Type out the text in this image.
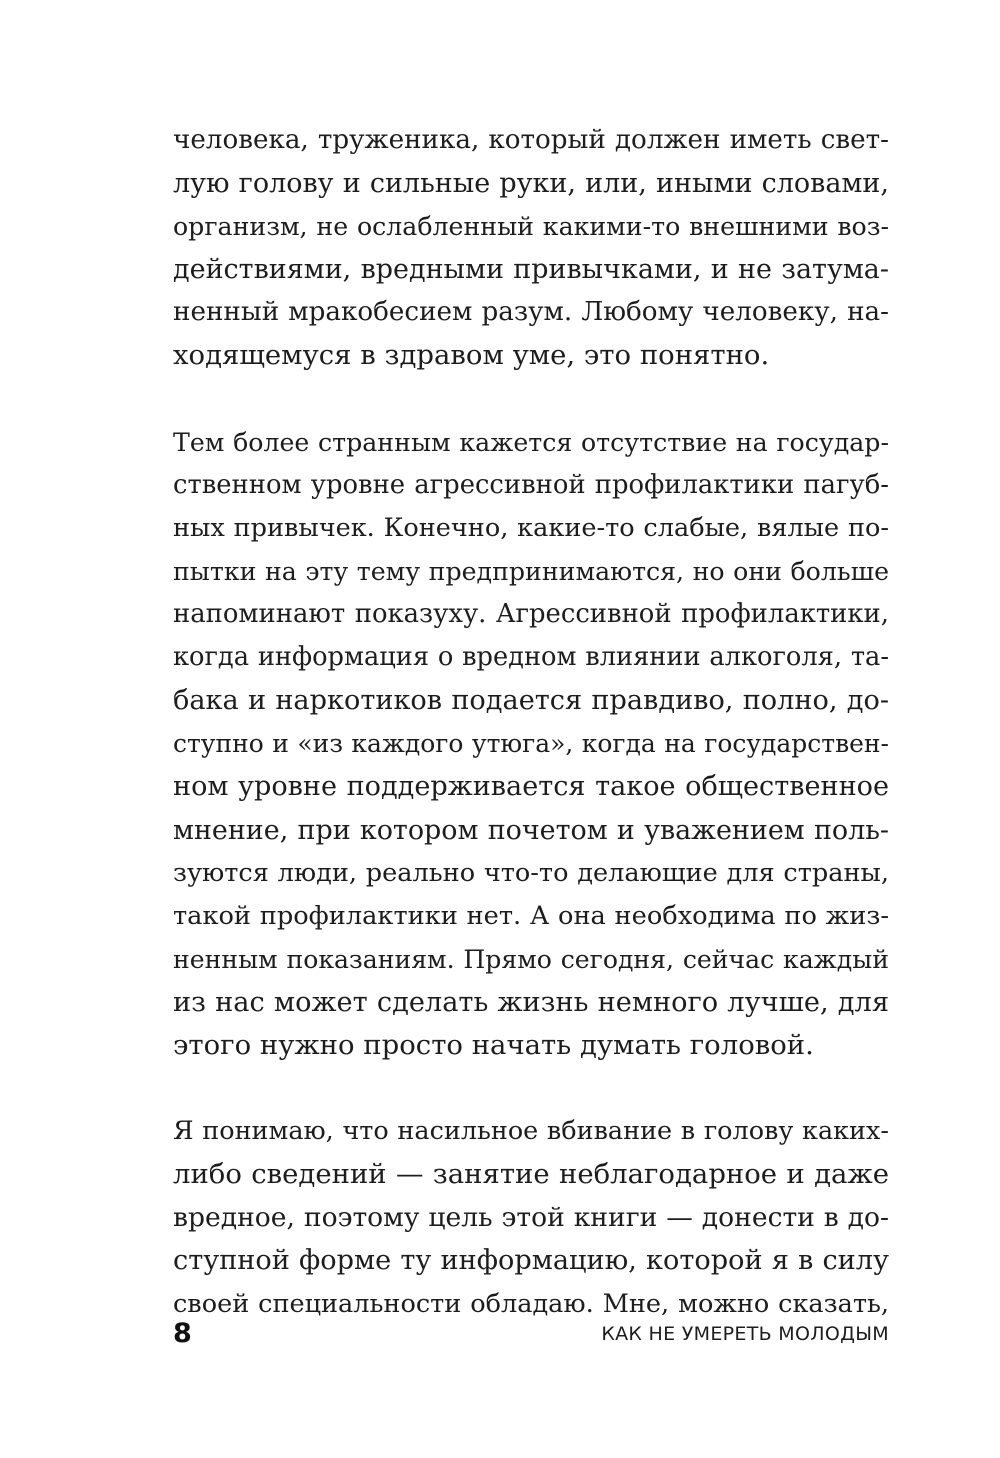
человека, труженика, который должен иметь свет-
лую голову и сильные руки, или, иными словами,
организм, не ослабленный какими-то внешними воз-
действиями, вредными привычками, и не затума-
ненный мракобесием разум. Любому человеку, на-
ходящемуся в здравом уме, это понятно.
Тем более странным кажется отсутствие на государ-
ственном уровне агрессивной профилактики пагуб-
ных привычек. Конечно, какие-то слабые, вялые по-
пытки на эту тему предпринимаются, но они больше
напоминают показуху. Агрессивной профилактики,
когда информация о вредном влиянии алкоголя, та-
бака и наркотиков подается правдиво, полно, до-
ступно и «из каждого утюга», когда на государствен-
ном уровне поддерживается такое общественное
мнение, при котором почетом и уважением поль-
зуются люди, реально что-то делающие для страны,
такой профилактики нет. А она необходима по жиз-
ненным показаниям. Прямо сегодня, сейчас каждый
из нас может сделать жизнь немного лучше, для
этого нужно просто начать думать головой.
Я понимаю, что насильное вбивание в голову каких-
либо сведений — занятие неблагодарное и даже
вредное, поэтому цель этой книги — донести в до-
ступной форме ту информацию, которой я в силу
своей специальности обладаю. Мне, можно сказать,
8	КАК НЕ УМЕРЕТЬ МОЛОДЫМ
